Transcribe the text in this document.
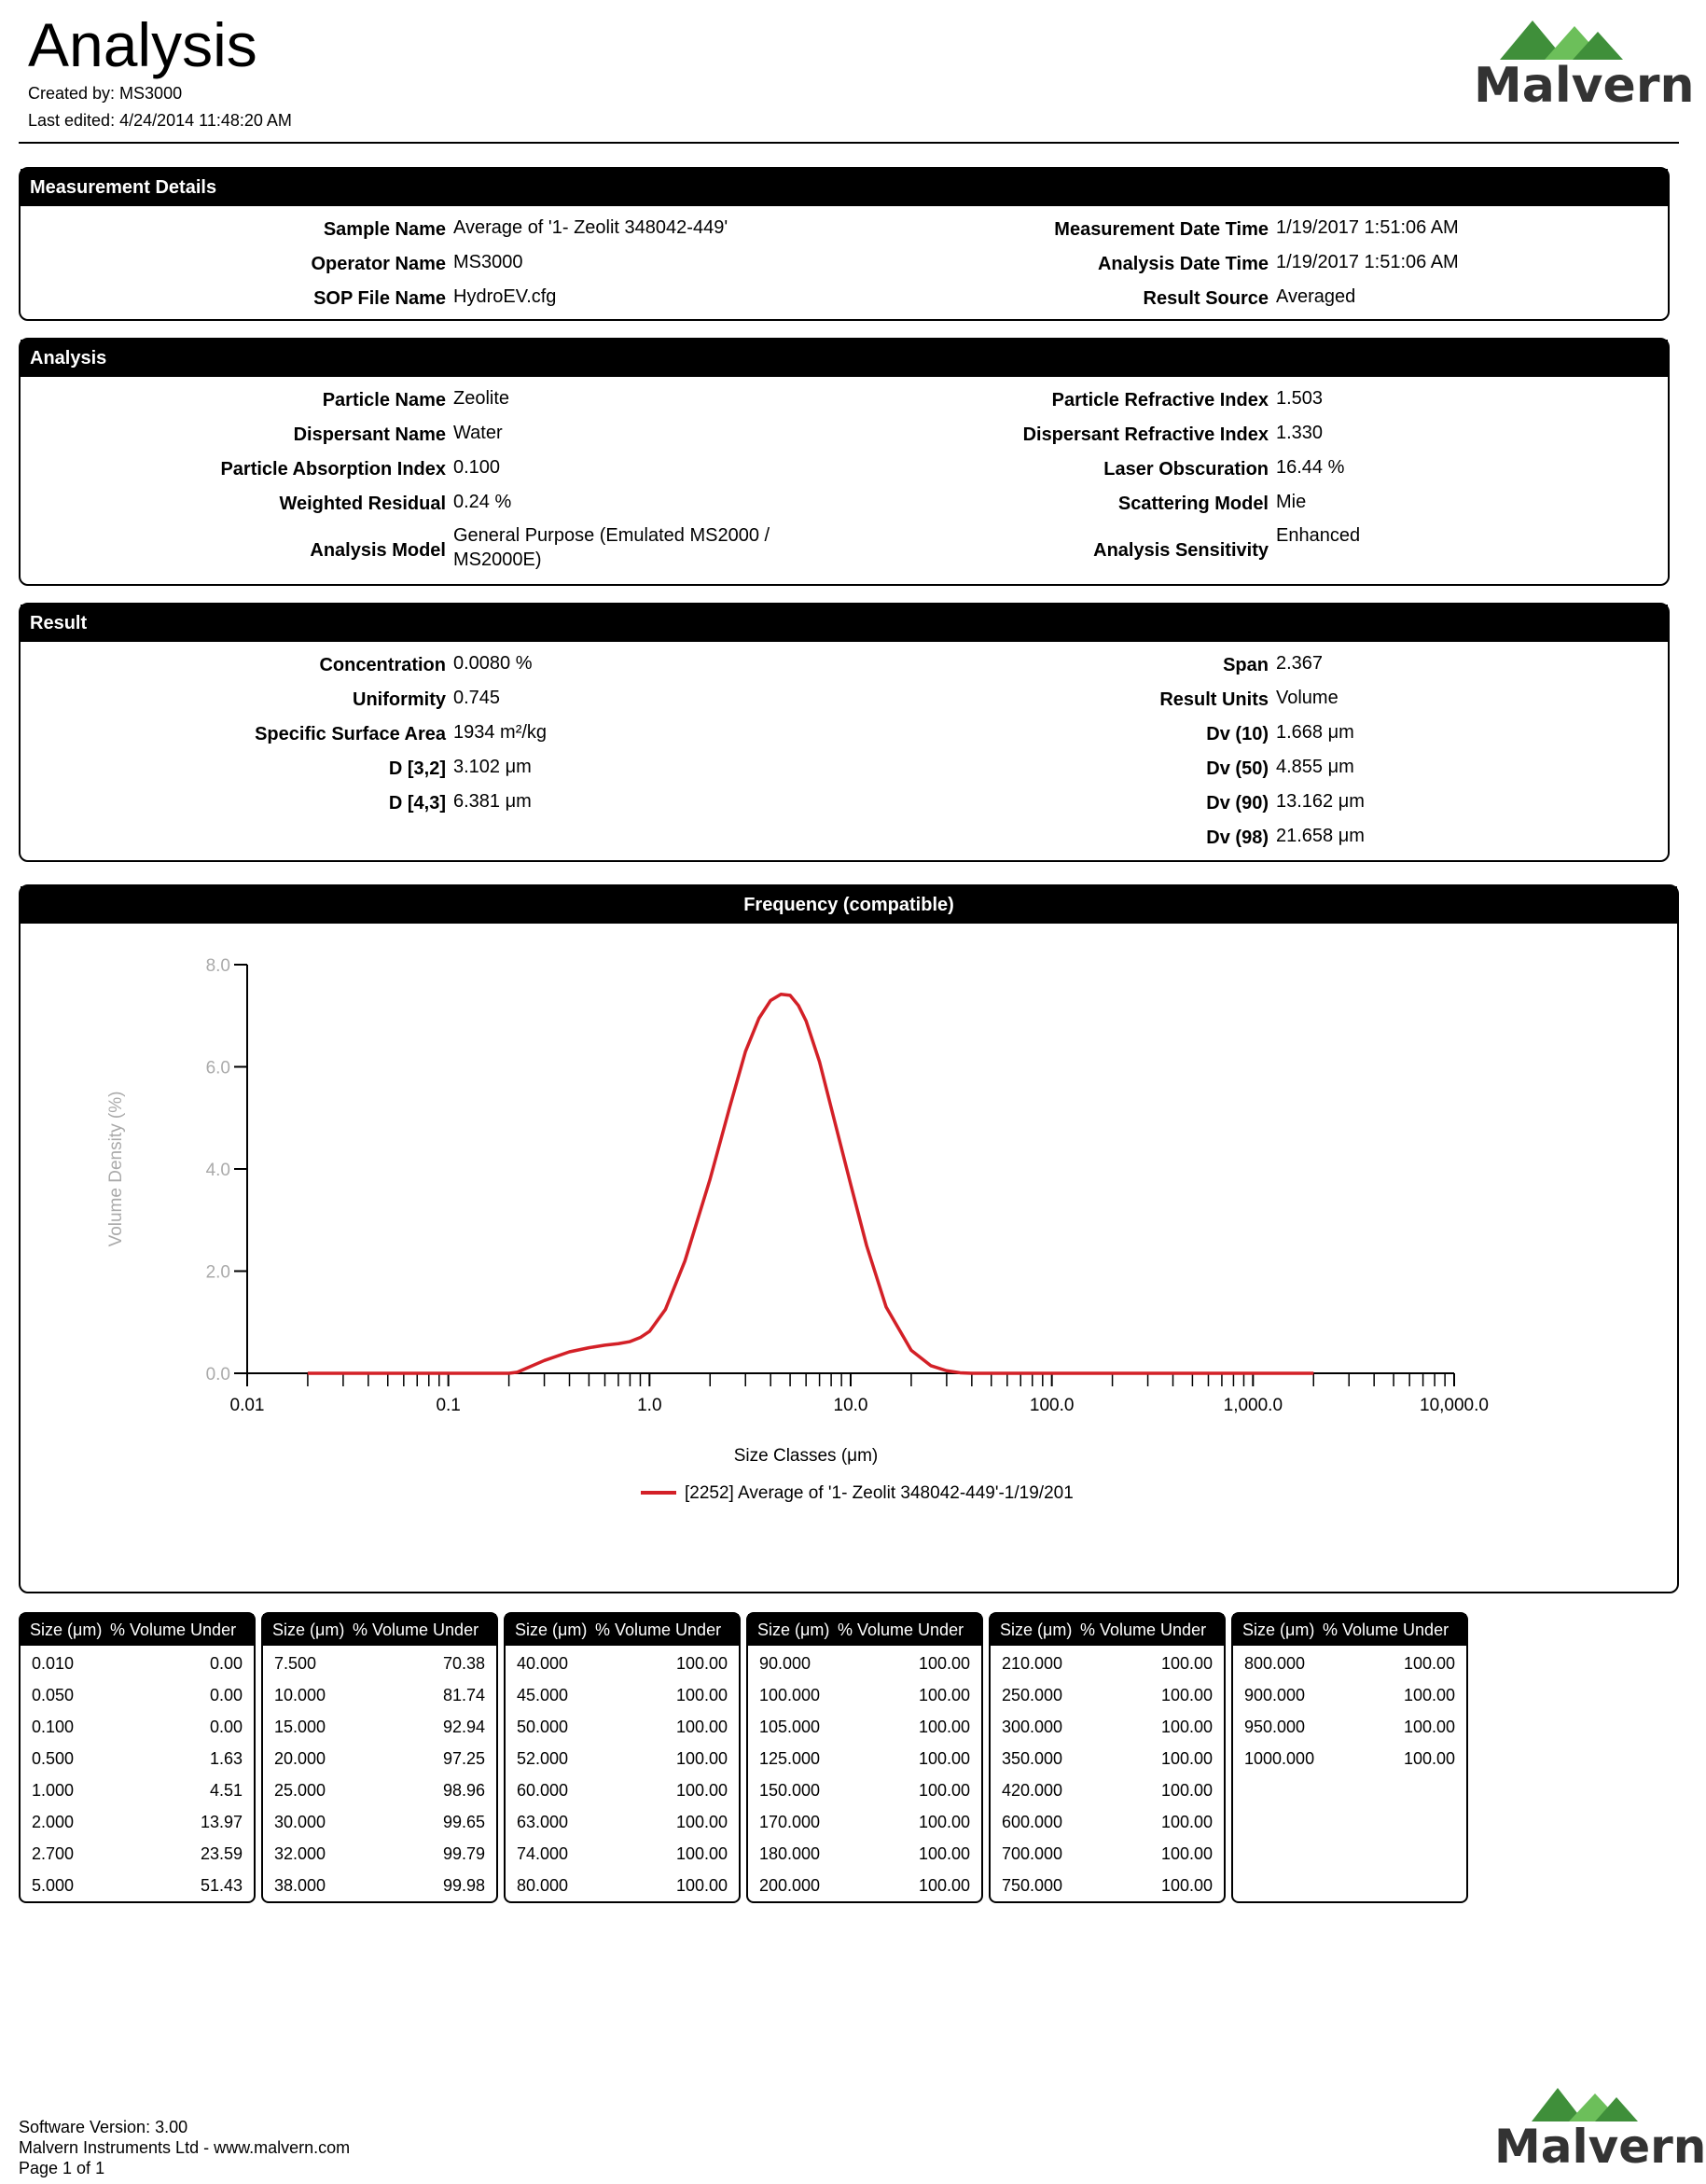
Analysis
Created by: MS3000
Last edited: 4/24/2014 11:48:20 AM
Malvern
Measurement Details
Sample Name Average of '1- Zeolit 348042-449'
Operator Name MS3000
SOP File Name HydroEV.cfg
Measurement Date Time 1/19/2017 1:51:06 AM
Analysis Date Time 1/19/2017 1:51:06 AM
Result Source Averaged
Analysis
Particle Name Zeolite
Dispersant Name Water
Particle Absorption Index 0.100
Weighted Residual 0.24 %
Analysis Model
General Purpose (Emulated MS2000 /
MS2000E)
Particle Refractive Index 1.503
Dispersant Refractive Index 1.330
Laser Obscuration 16.44 %
Scattering Model Mie
Analysis Sensitivity
Enhanced
Result
Concentration 0.0080 %
Uniformity 0.745
Specific Surface Area 1934 m²/kg
D [3,2] 3.102 μm
D [4,3] 6.381 μm
Span 2.367
Result Units Volume
Dv (10) 1.668 μm
Dv (50) 4.855 μm
Dv (90) 13.162 μm
Dv (98) 21.658 μm
Frequency (compatible)
0.0
2.0
4.0
6.0
8.0
0.01	0.1	1.0	10.0	100.0	1,000.0	10,000.0
Size Classes (μm)
Volume Density (%)
[2252] Average of '1- Zeolit 348042-449'-1/19/201
Size (μm) % Volume Under
0.010	0.00
0.050	0.00
0.100	0.00
0.500	1.63
1.000	4.51
2.000	13.97
2.700	23.59
5.000	51.43
Size (μm) % Volume Under
7.500	70.38
10.000	81.74
15.000	92.94
20.000	97.25
25.000	98.96
30.000	99.65
32.000	99.79
38.000	99.98
Size (μm) % Volume Under
40.000	100.00
45.000	100.00
50.000	100.00
52.000	100.00
60.000	100.00
63.000	100.00
74.000	100.00
80.000	100.00
Size (μm) % Volume Under
90.000	100.00
100.000	100.00
105.000	100.00
125.000	100.00
150.000	100.00
170.000	100.00
180.000	100.00
200.000	100.00
Size (μm) % Volume Under
210.000	100.00
250.000	100.00
300.000	100.00
350.000	100.00
420.000	100.00
600.000	100.00
700.000	100.00
750.000	100.00
Size (μm) % Volume Under
800.000	100.00
900.000	100.00
950.000	100.00
1000.000	100.00
Software Version: 3.00
Malvern Instruments Ltd - www.malvern.com
Page 1 of 1	Malvern
